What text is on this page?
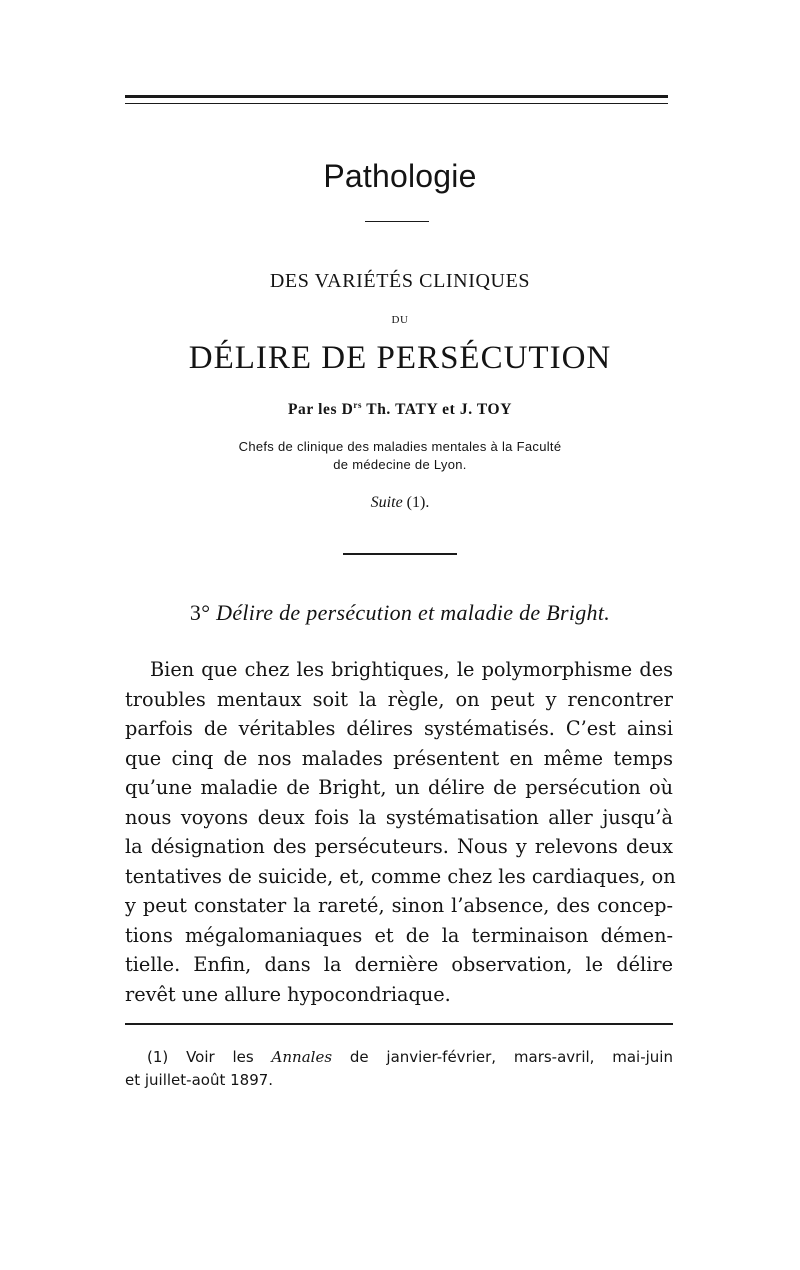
Pathologie
DES VARIÉTÉS CLINIQUES
DU
DÉLIRE DE PERSÉCUTION
Par les $D^{rs}$ Th. TATY et J. TOY
Chefs de clinique des maladies mentales à la Faculté
de médecine de Lyon.
Suite (1).
3° Délire de persécution et maladie de Bright.
Bien que chez les brightiques, le polymorphisme des
troubles mentaux soit la règle, on peut y rencontrer
parfois de véritables délires systématisés. C’est ainsi
que cinq de nos malades présentent en même temps
qu’une maladie de Bright, un délire de persécution où
nous voyons deux fois la systématisation aller jusqu’à
la désignation des persécuteurs. Nous y relevons deux
tentatives de suicide, et, comme chez les cardiaques, on
y peut constater la rareté, sinon l’absence, des concep-
tions mégalomaniaques et de la terminaison démen-
tielle. Enfin, dans la dernière observation, le délire
revêt une allure hypocondriaque.
(1) Voir les Annales de janvier-février, mars-avril, mai-juin
et juillet-août 1897.
